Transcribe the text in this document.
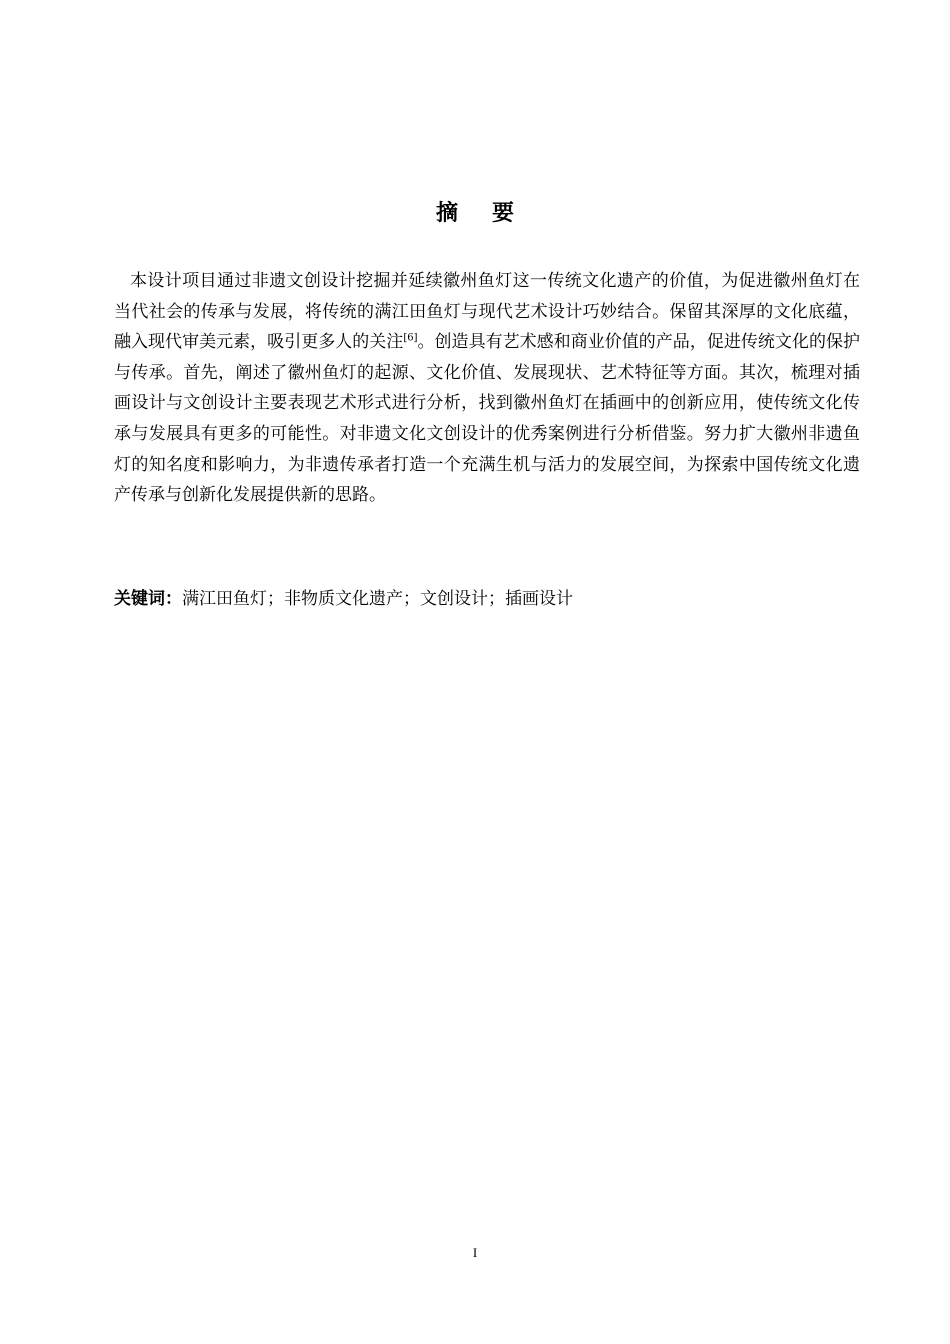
摘要

本设计项目通过非遗文创设计挖掘并延续徽州鱼灯这一传统文化遗产的价值，为促进徽州鱼灯在当代社会的传承与发展，将传统的满江田鱼灯与现代艺术设计巧妙结合。保留其深厚的文化底蕴，融入现代审美元素，吸引更多人的关注[6]。创造具有艺术感和商业价值的产品，促进传统文化的保护与传承。首先，阐述了徽州鱼灯的起源、文化价值、发展现状、艺术特征等方面。其次，梳理对插画设计与文创设计主要表现艺术形式进行分析，找到徽州鱼灯在插画中的创新应用，使传统文化传承与发展具有更多的可能性。对非遗文化文创设计的优秀案例进行分析借鉴。努力扩大徽州非遗鱼灯的知名度和影响力，为非遗传承者打造一个充满生机与活力的发展空间，为探索中国传统文化遗产传承与创新化发展提供新的思路。

关键词：满江田鱼灯；非物质文化遗产；文创设计；插画设计

I
